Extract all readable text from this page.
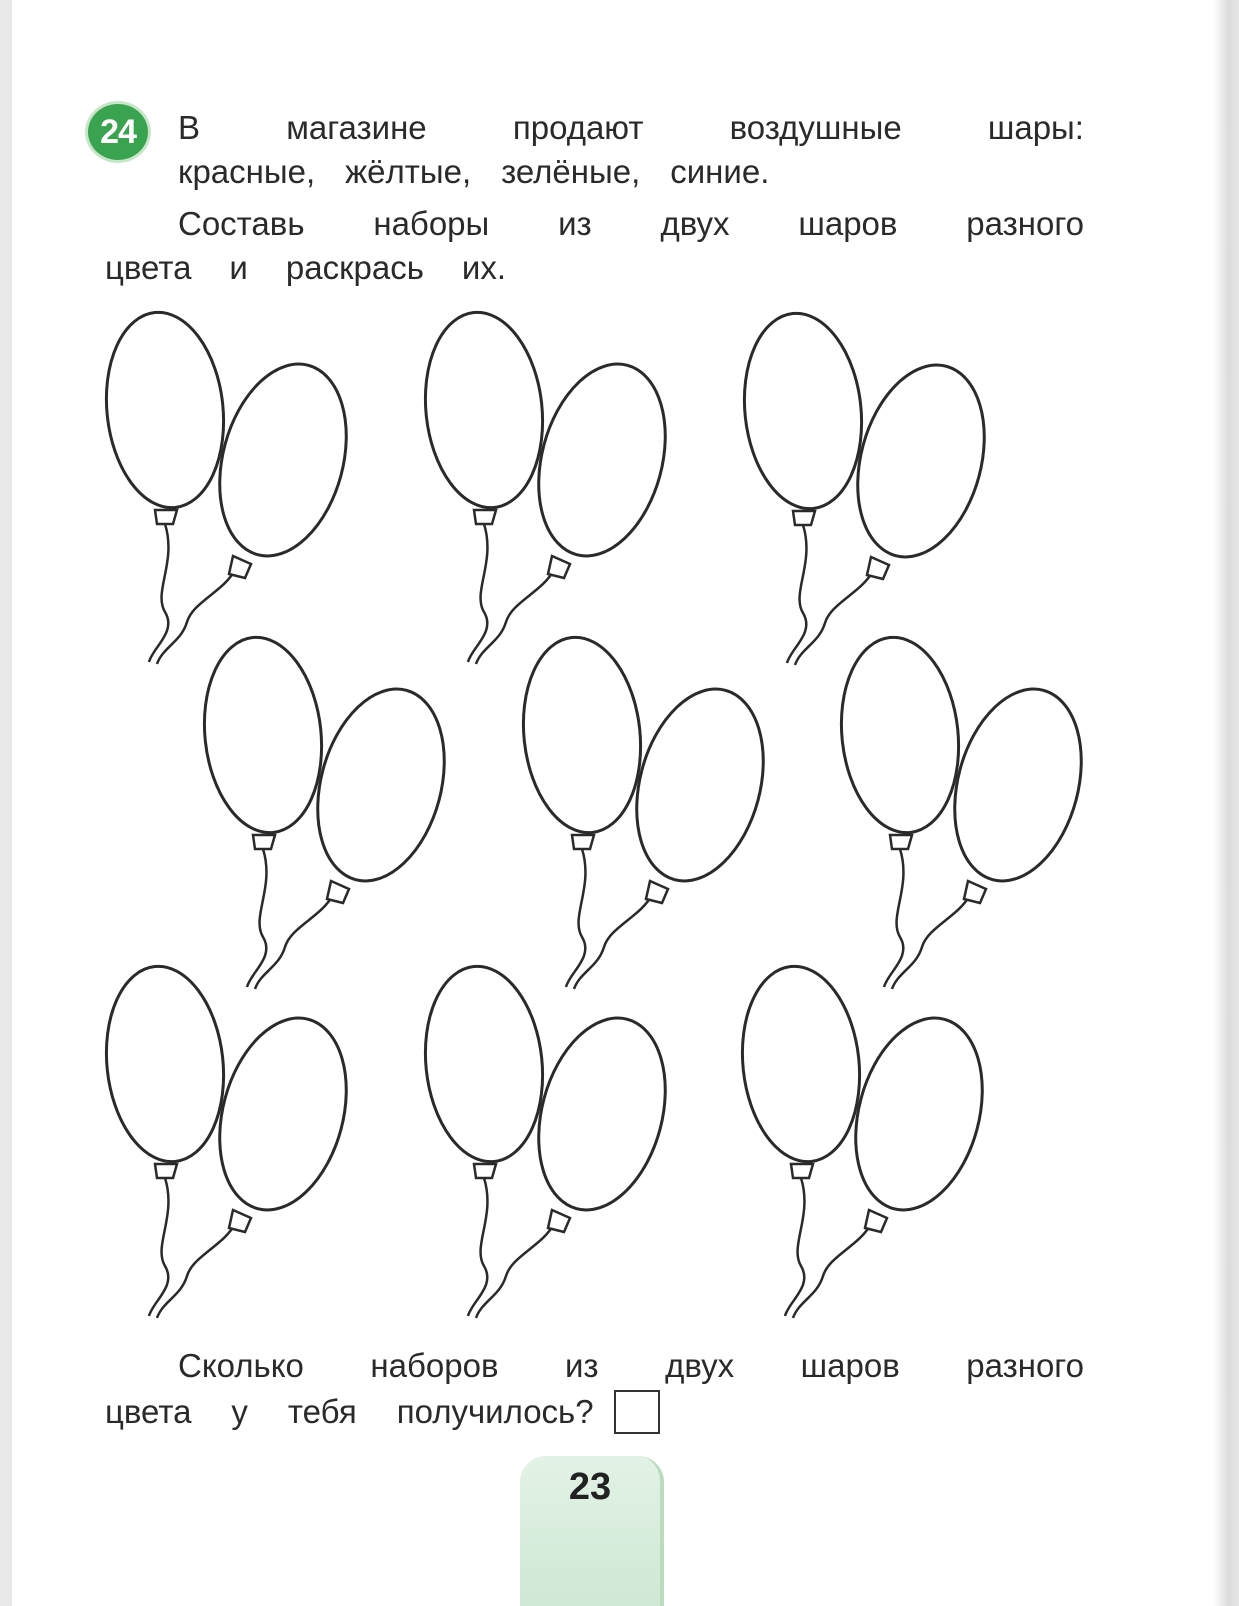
24 В	магазине	продают	воздушные	шары:
красные, жёлтые, зелёные, синие.
Составь наборы из двух шаров разного
цвета и раскрась их.
Сколько наборов из двух шаров разного
цвета у тебя получилось?
23
